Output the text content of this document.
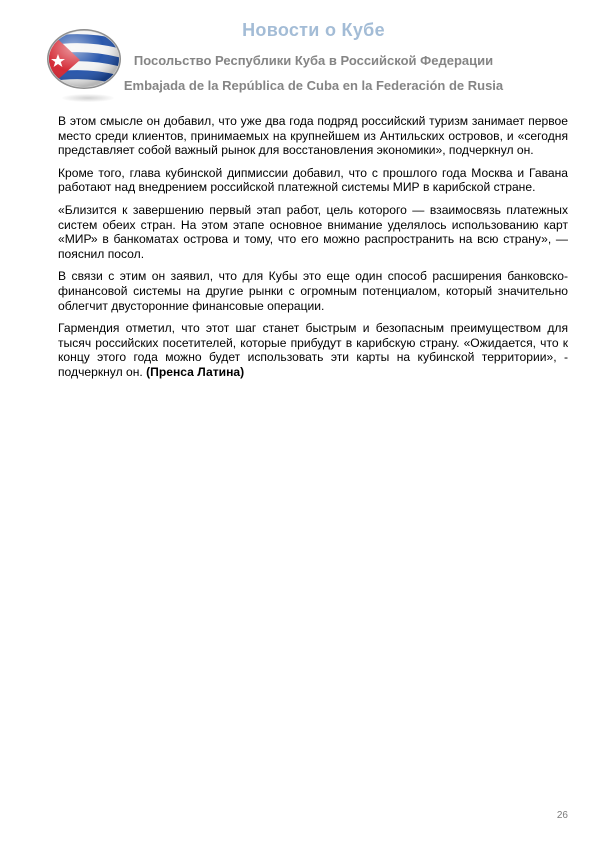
Новости о Кубе
Посольство Республики Куба в Российской Федерации
Embajada de la República de Cuba en la Federación de Rusia

В этом смысле он добавил, что уже два года подряд российский туризм занимает первое место среди клиентов, принимаемых на крупнейшем из Антильских островов, и «сегодня представляет собой важный рынок для восстановления экономики», подчеркнул он.

Кроме того, глава кубинской дипмиссии добавил, что с прошлого года Москва и Гавана работают над внедрением российской платежной системы МИР в карибской стране.

«Близится к завершению первый этап работ, цель которого — взаимосвязь платежных систем обеих стран. На этом этапе основное внимание уделялось использованию карт «МИР» в банкоматах острова и тому, что его можно распространить на всю страну», — пояснил посол.

В связи с этим он заявил, что для Кубы это еще один способ расширения банковско-финансовой системы на другие рынки с огромным потенциалом, который значительно облегчит двусторонние финансовые операции.

Гармендия отметил, что этот шаг станет быстрым и безопасным преимуществом для тысяч российских посетителей, которые прибудут в карибскую страну. «Ожидается, что к концу этого года можно будет использовать эти карты на кубинской территории», - подчеркнул он. (Пренса Латина)

26
